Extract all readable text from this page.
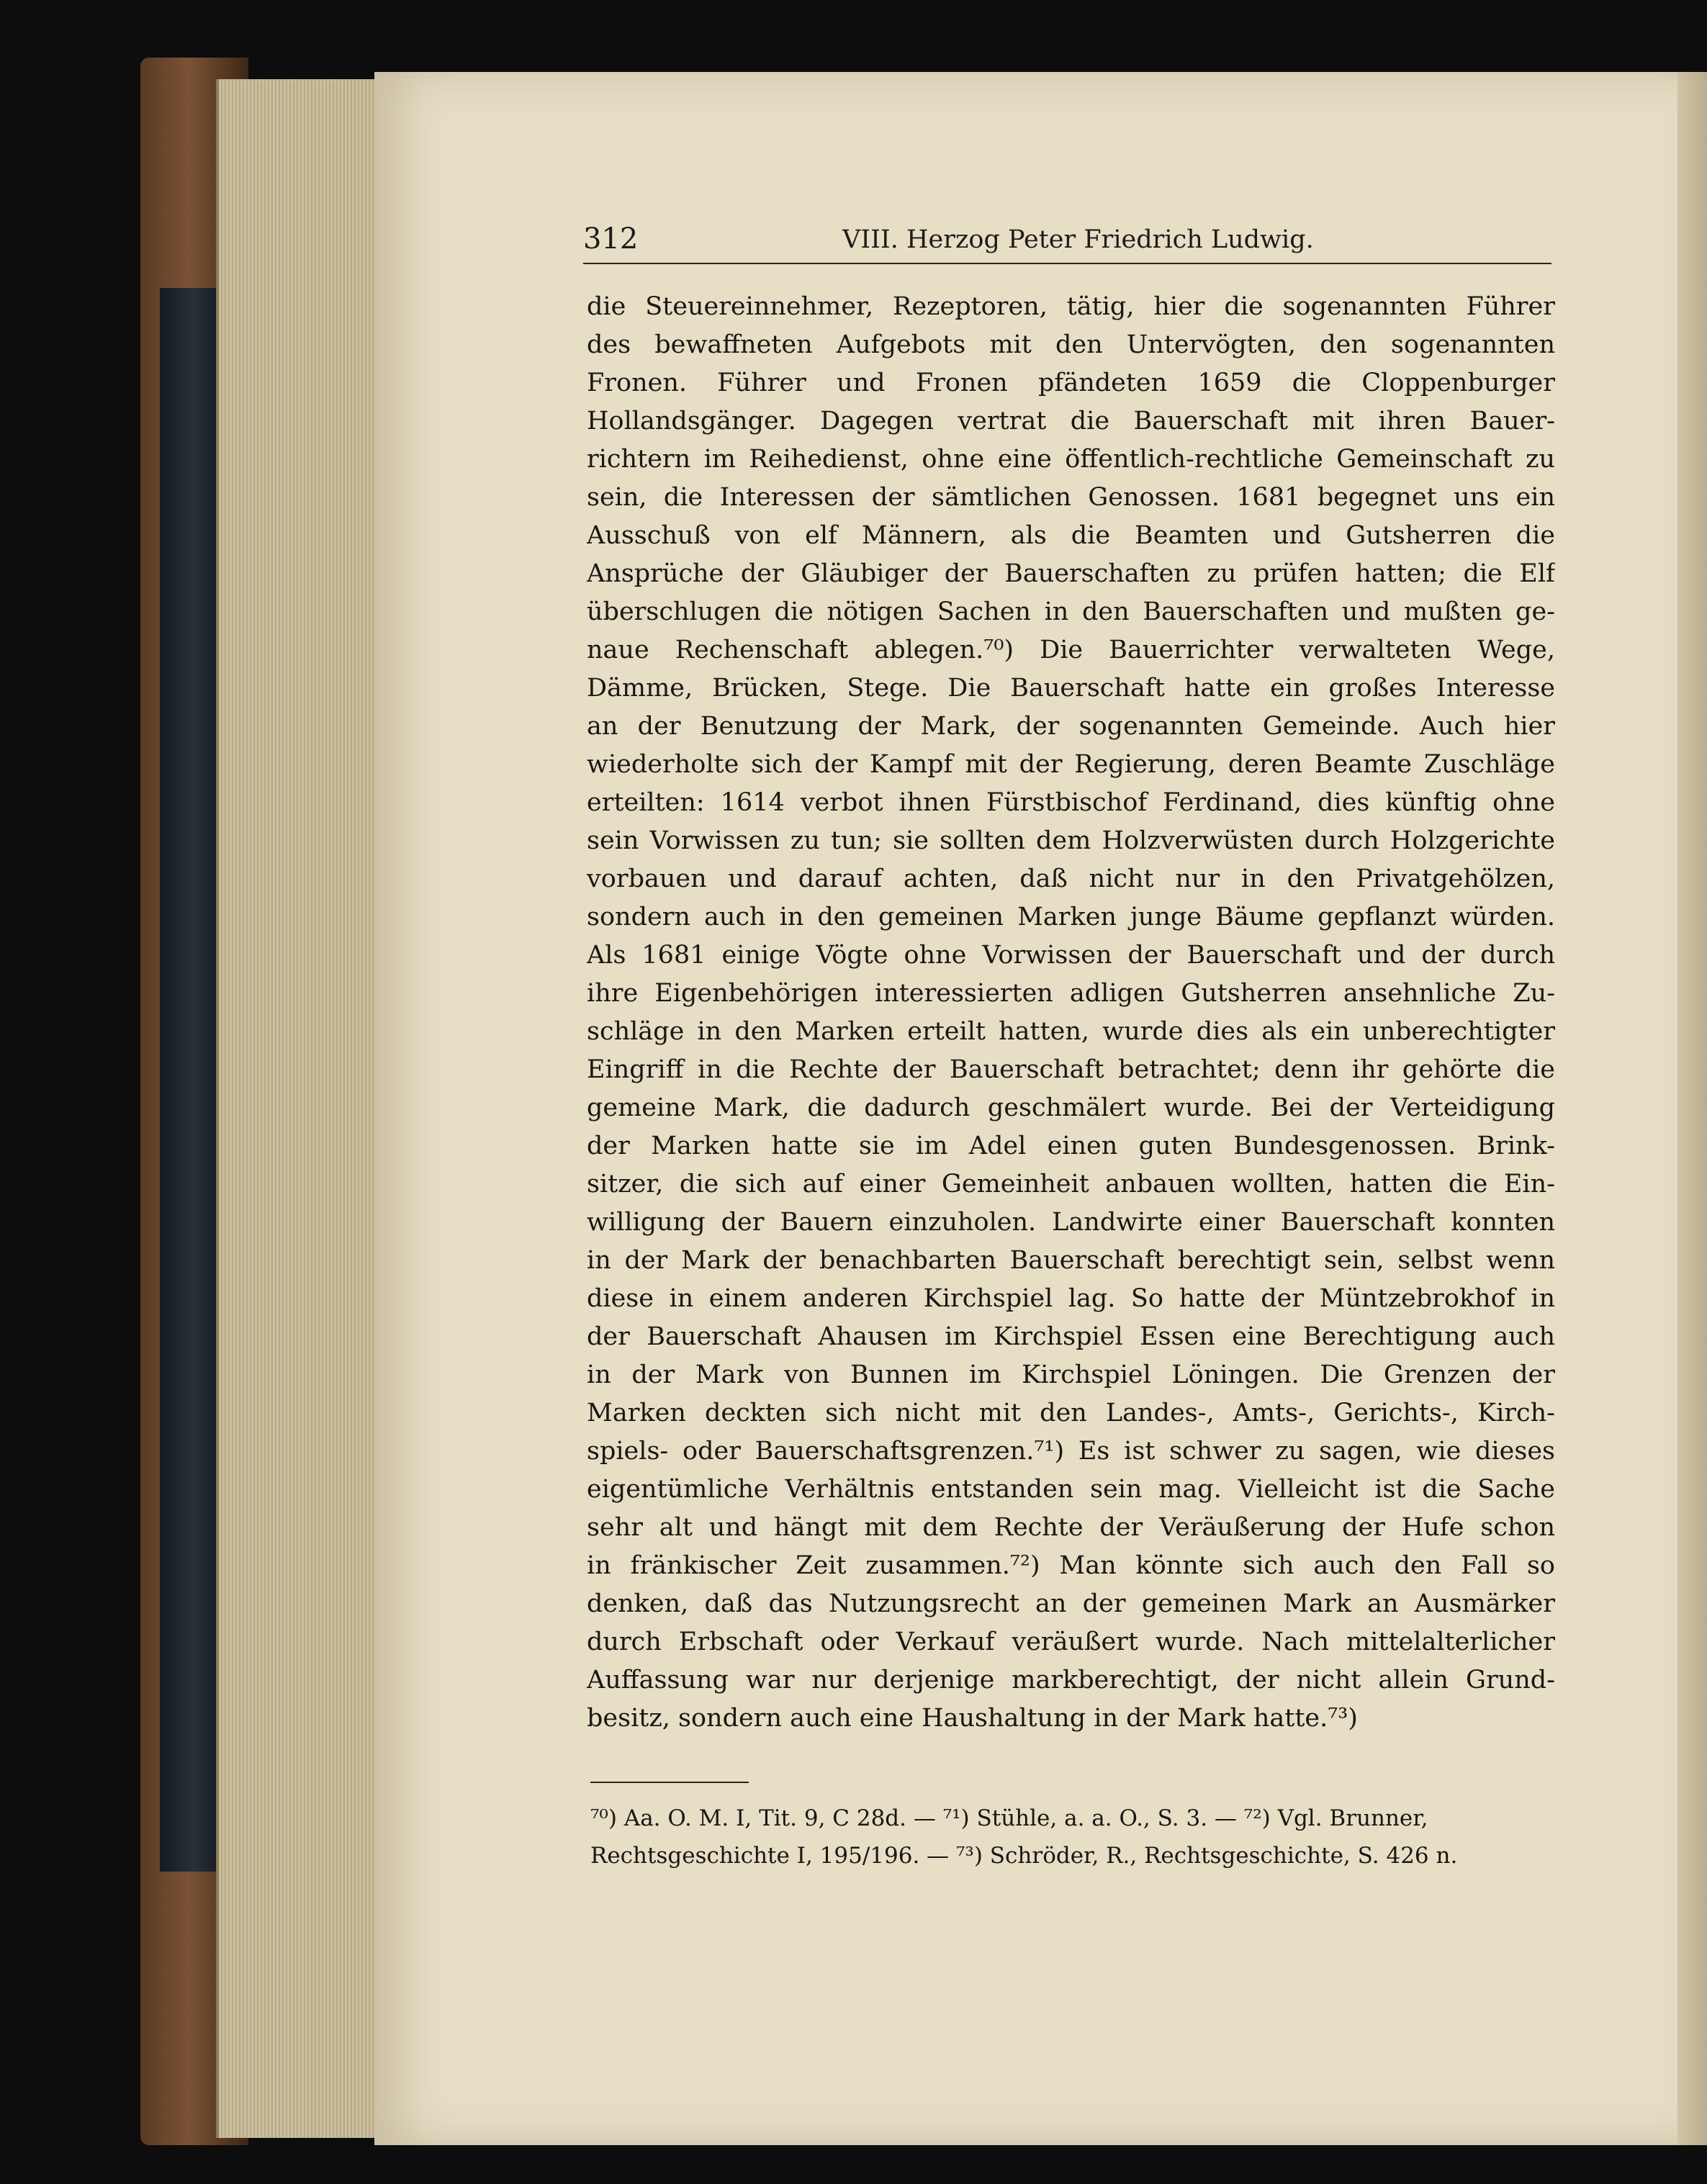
312	VIII. Herzog Peter Friedrich Ludwig.
die Steuereinnehmer, Rezeptoren, tätig, hier die sogenannten Führer
des bewaffneten Aufgebots mit den Untervögten, den sogenannten
Fronen. Führer und Fronen pfändeten 1659 die Cloppenburger
Hollandsgänger. Dagegen vertrat die Bauerschaft mit ihren Bauer-
richtern im Reihedienst, ohne eine öffentlich-rechtliche Gemeinschaft zu
sein, die Interessen der sämtlichen Genossen. 1681 begegnet uns ein
Ausschuß von elf Männern, als die Beamten und Gutsherren die
Ansprüche der Gläubiger der Bauerschaften zu prüfen hatten; die Elf
überschlugen die nötigen Sachen in den Bauerschaften und mußten ge-
naue Rechenschaft ablegen.⁷⁰) Die Bauerrichter verwalteten Wege,
Dämme, Brücken, Stege. Die Bauerschaft hatte ein großes Interesse
an der Benutzung der Mark, der sogenannten Gemeinde. Auch hier
wiederholte sich der Kampf mit der Regierung, deren Beamte Zuschläge
erteilten: 1614 verbot ihnen Fürstbischof Ferdinand, dies künftig ohne
sein Vorwissen zu tun; sie sollten dem Holzverwüsten durch Holzgerichte
vorbauen und darauf achten, daß nicht nur in den Privatgehölzen,
sondern auch in den gemeinen Marken junge Bäume gepflanzt würden.
Als 1681 einige Vögte ohne Vorwissen der Bauerschaft und der durch
ihre Eigenbehörigen interessierten adligen Gutsherren ansehnliche Zu-
schläge in den Marken erteilt hatten, wurde dies als ein unberechtigter
Eingriff in die Rechte der Bauerschaft betrachtet; denn ihr gehörte die
gemeine Mark, die dadurch geschmälert wurde. Bei der Verteidigung
der Marken hatte sie im Adel einen guten Bundesgenossen. Brink-
sitzer, die sich auf einer Gemeinheit anbauen wollten, hatten die Ein-
willigung der Bauern einzuholen. Landwirte einer Bauerschaft konnten
in der Mark der benachbarten Bauerschaft berechtigt sein, selbst wenn
diese in einem anderen Kirchspiel lag. So hatte der Müntzebrokhof in
der Bauerschaft Ahausen im Kirchspiel Essen eine Berechtigung auch
in der Mark von Bunnen im Kirchspiel Löningen. Die Grenzen der
Marken deckten sich nicht mit den Landes-, Amts-, Gerichts-, Kirch-
spiels- oder Bauerschaftsgrenzen.⁷¹) Es ist schwer zu sagen, wie dieses
eigentümliche Verhältnis entstanden sein mag. Vielleicht ist die Sache
sehr alt und hängt mit dem Rechte der Veräußerung der Hufe schon
in fränkischer Zeit zusammen.⁷²) Man könnte sich auch den Fall so
denken, daß das Nutzungsrecht an der gemeinen Mark an Ausmärker
durch Erbschaft oder Verkauf veräußert wurde. Nach mittelalterlicher
Auffassung war nur derjenige markberechtigt, der nicht allein Grund-
besitz, sondern auch eine Haushaltung in der Mark hatte.⁷³)
⁷⁰) Aa. O. M. I, Tit. 9, C 28d. — ⁷¹) Stühle, a. a. O., S. 3. — ⁷²) Vgl. Brunner,
Rechtsgeschichte I, 195/196. — ⁷³) Schröder, R., Rechtsgeschichte, S. 426 n.
